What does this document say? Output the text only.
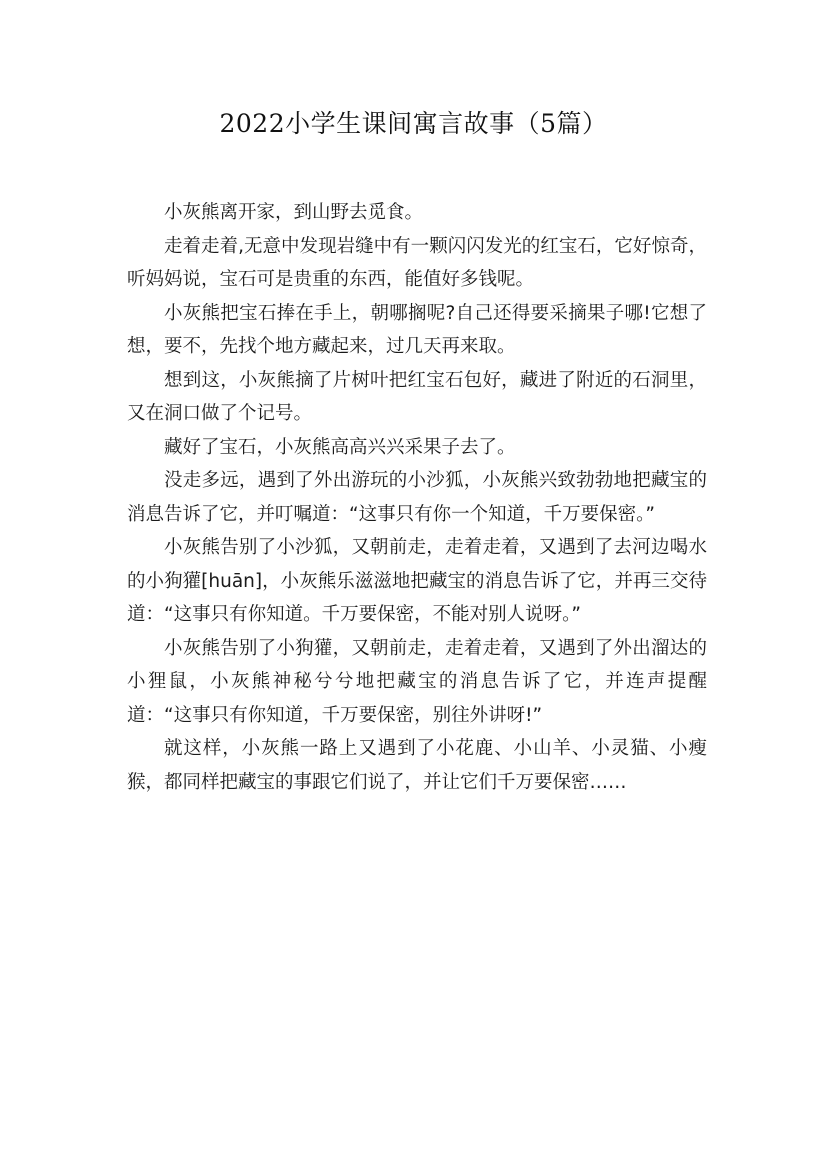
2022小学生课间寓言故事（5篇）

小灰熊离开家，到山野去觅食。

走着走着,无意中发现岩缝中有一颗闪闪发光的红宝石，它好惊奇，听妈妈说，宝石可是贵重的东西，能值好多钱呢。

小灰熊把宝石捧在手上，朝哪搁呢?自己还得要采摘果子哪!它想了想，要不，先找个地方藏起来，过几天再来取。

想到这，小灰熊摘了片树叶把红宝石包好，藏进了附近的石洞里，又在洞口做了个记号。

藏好了宝石，小灰熊高高兴兴采果子去了。

没走多远，遇到了外出游玩的小沙狐，小灰熊兴致勃勃地把藏宝的消息告诉了它，并叮嘱道：“这事只有你一个知道，千万要保密。”

小灰熊告别了小沙狐，又朝前走，走着走着，又遇到了去河边喝水的小狗獾[huān]，小灰熊乐滋滋地把藏宝的消息告诉了它，并再三交待道：“这事只有你知道。千万要保密，不能对别人说呀。”

小灰熊告别了小狗獾，又朝前走，走着走着，又遇到了外出溜达的小狸鼠，小灰熊神秘兮兮地把藏宝的消息告诉了它，并连声提醒道：“这事只有你知道，千万要保密，别往外讲呀!”

就这样，小灰熊一路上又遇到了小花鹿、小山羊、小灵猫、小瘦猴，都同样把藏宝的事跟它们说了，并让它们千万要保密……
